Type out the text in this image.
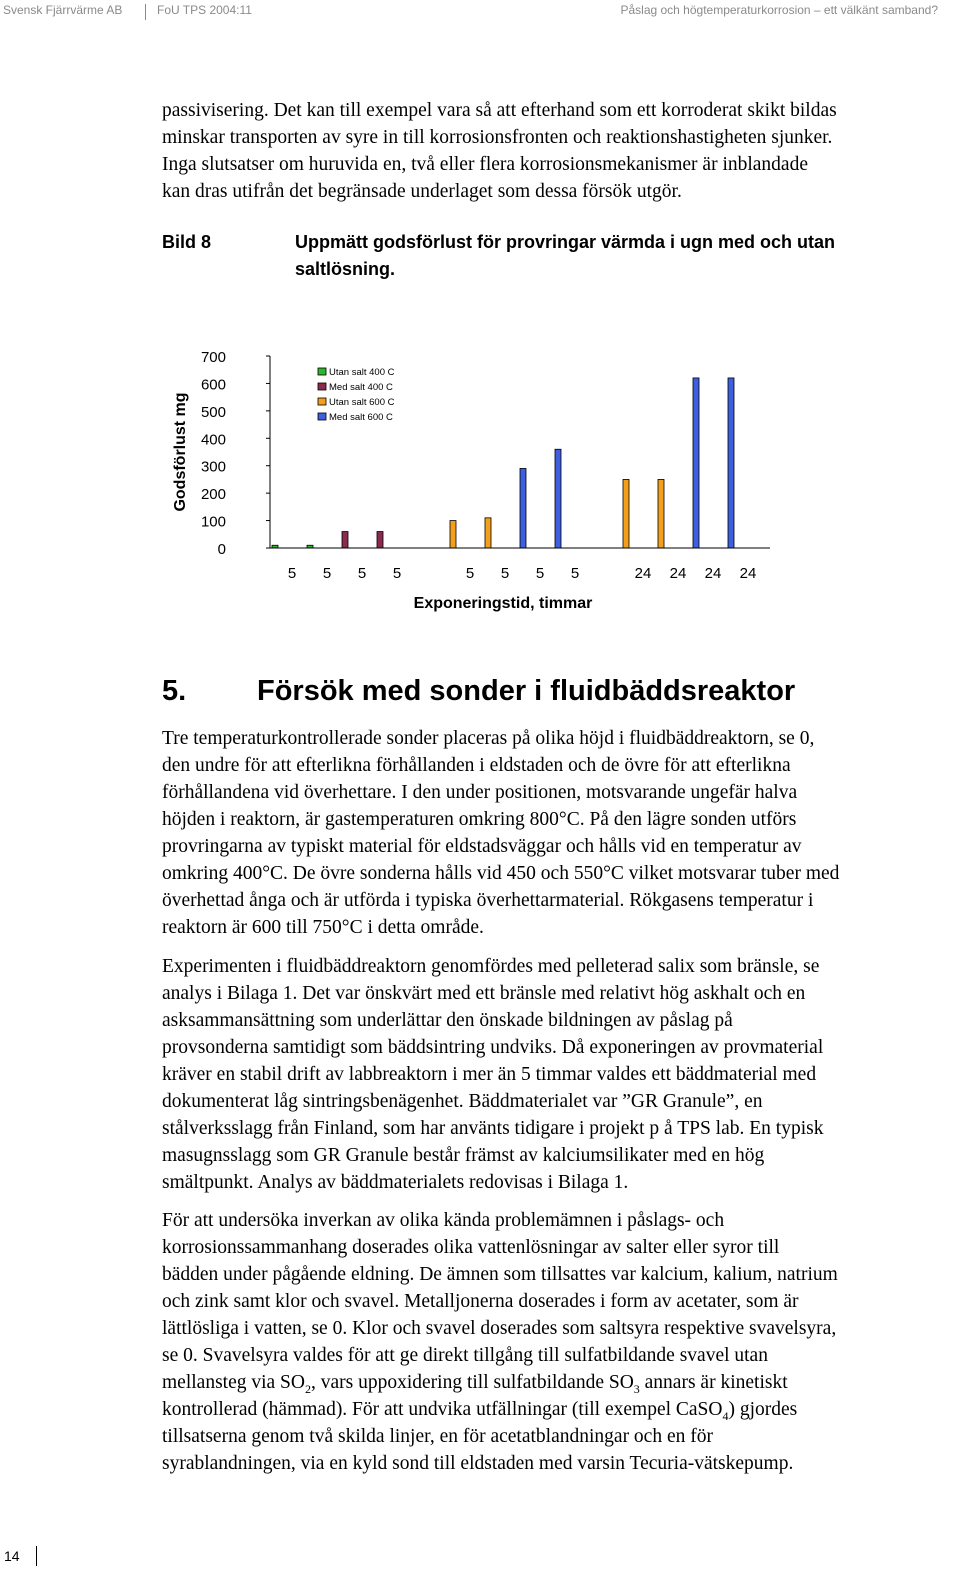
Svensk Fjärrvärme AB	FoU TPS 2004:11	Påslag och högtemperaturkorrosion – ett välkänt samband?
passivisering. Det kan till exempel vara så att efterhand som ett korroderat skikt bildas
minskar transporten av syre in till korrosionsfronten och reaktionshastigheten sjunker.
Inga slutsatser om huruvida en, två eller flera korrosionsmekanismer är inblandade
kan dras utifrån det begränsade underlaget som dessa försök utgör.
Bild 8	Uppmätt godsförlust för provringar värmda i ugn med och utan
saltlösning.
0
100
200
300
400
500
600
700
5 5 5 5	5 5 5 5	24 24 24 24
Utan salt 400 C
Med salt 400 C
Utan salt 600 C
Med salt 600 C
Exponeringstid, timmar
Godsförlust mg
5. Försök med sonder i fluidbäddsreaktor
Tre temperaturkontrollerade sonder placeras på olika höjd i fluidbäddreaktorn, se 0,
den undre för att efterlikna förhållanden i eldstaden och de övre för att efterlikna
förhållandena vid överhettare. I den under positionen, motsvarande ungefär halva
höjden i reaktorn, är gastemperaturen omkring 800°C. På den lägre sonden utförs
provringarna av typiskt material för eldstadsväggar och hålls vid en temperatur av
omkring 400°C. De övre sonderna hålls vid 450 och 550°C vilket motsvarar tuber med
överhettad ånga och är utförda i typiska överhettarmaterial. Rökgasens temperatur i
reaktorn är 600 till 750°C i detta område.
Experimenten i fluidbäddreaktorn genomfördes med pelleterad salix som bränsle, se
analys i Bilaga 1. Det var önskvärt med ett bränsle med relativt hög askhalt och en
asksammansättning som underlättar den önskade bildningen av påslag på
provsonderna samtidigt som bäddsintring undviks. Då exponeringen av provmaterial
kräver en stabil drift av labbreaktorn i mer än 5 timmar valdes ett bäddmaterial med
dokumenterat låg sintringsbenägenhet. Bäddmaterialet var ”GR Granule”, en
stålverksslagg från Finland, som har använts tidigare i projekt p å TPS lab. En typisk
masugnsslagg som GR Granule består främst av kalciumsilikater med en hög
smältpunkt. Analys av bäddmaterialets redovisas i Bilaga 1.
För att undersöka inverkan av olika kända problemämnen i påslags- och
korrosionssammanhang doserades olika vattenlösningar av salter eller syror till
bädden under pågående eldning. De ämnen som tillsattes var kalcium, kalium, natrium
och zink samt klor och svavel. Metalljonerna doserades i form av acetater, som är
lättlösliga i vatten, se 0. Klor och svavel doserades som saltsyra respektive svavelsyra,
se 0. Svavelsyra valdes för att ge direkt tillgång till sulfatbildande svavel utan
mellansteg via $SO_2$, vars uppoxidering till sulfatbildande $SO_3$ annars är kinetiskt
kontrollerad (hämmad). För att undvika utfällningar (till exempel CaSO$_4$) gjordes
tillsatserna genom två skilda linjer, en för acetatblandningar och en för
syrablandningen, via en kyld sond till eldstaden med varsin Tecuria-vätskepump.
14
